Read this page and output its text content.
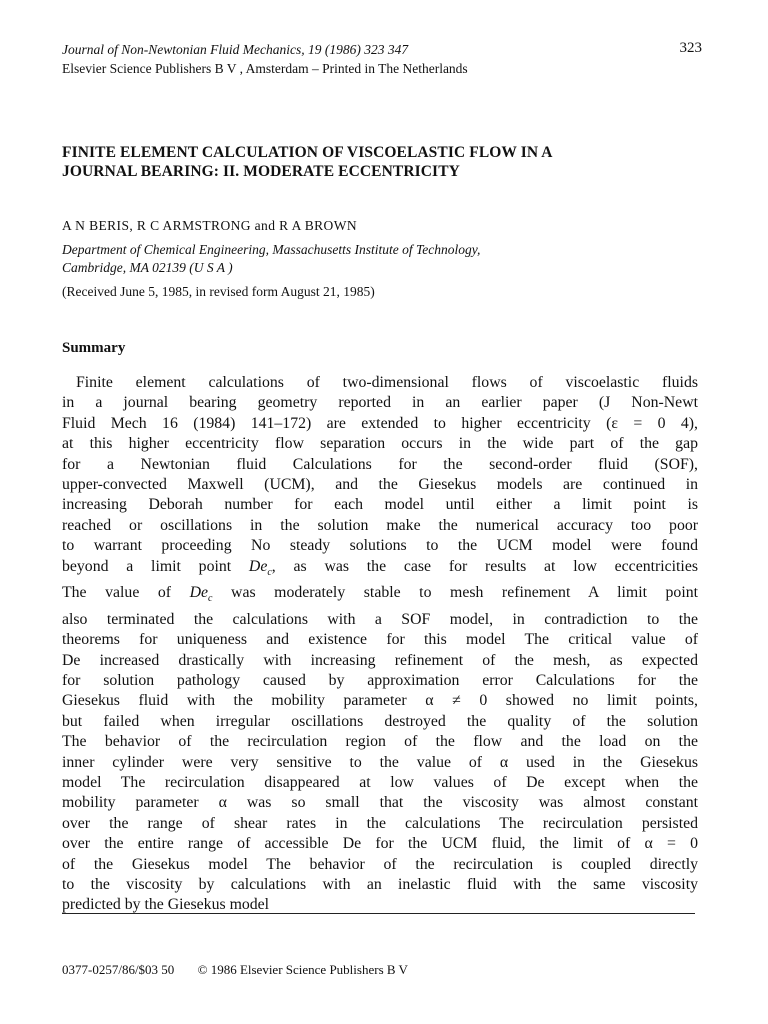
Journal of Non-Newtonian Fluid Mechanics, 19 (1986) 323 347
Elsevier Science Publishers B V , Amsterdam – Printed in The Netherlands
323
FINITE ELEMENT CALCULATION OF VISCOELASTIC FLOW IN A
JOURNAL BEARING: II. MODERATE ECCENTRICITY
A N BERIS, R C ARMSTRONG and R A BROWN
Department of Chemical Engineering, Massachusetts Institute of Technology,
Cambridge, MA 02139 (U S A )
(Received June 5, 1985, in revised form August 21, 1985)
Summary
Finite element calculations of two-dimensional flows of viscoelastic fluids
in a journal bearing geometry reported in an earlier paper (J Non-Newt
Fluid Mech 16 (1984) 141–172) are extended to higher eccentricity (ε = 0 4),
at this higher eccentricity flow separation occurs in the wide part of the gap
for a Newtonian fluid Calculations for the second-order fluid (SOF),
upper-convected Maxwell (UCM), and the Giesekus models are continued in
increasing Deborah number for each model until either a limit point is
reached or oscillations in the solution make the numerical accuracy too poor
to warrant proceeding No steady solutions to the UCM model were found
beyond a limit point $De_c$, as was the case for results at low eccentricities
The value of $De_c$ was moderately stable to mesh refinement A limit point
also terminated the calculations with a SOF model, in contradiction to the
theorems for uniqueness and existence for this model The critical value of
De increased drastically with increasing refinement of the mesh, as expected
for solution pathology caused by approximation error Calculations for the
Giesekus fluid with the mobility parameter α ≠ 0 showed no limit points,
but failed when irregular oscillations destroyed the quality of the solution
The behavior of the recirculation region of the flow and the load on the
inner cylinder were very sensitive to the value of α used in the Giesekus
model The recirculation disappeared at low values of De except when the
mobility parameter α was so small that the viscosity was almost constant
over the range of shear rates in the calculations The recirculation persisted
over the entire range of accessible De for the UCM fluid, the limit of α = 0
of the Giesekus model The behavior of the recirculation is coupled directly
to the viscosity by calculations with an inelastic fluid with the same viscosity
predicted by the Giesekus model
0377-0257/86/$03 50 © 1986 Elsevier Science Publishers B V
